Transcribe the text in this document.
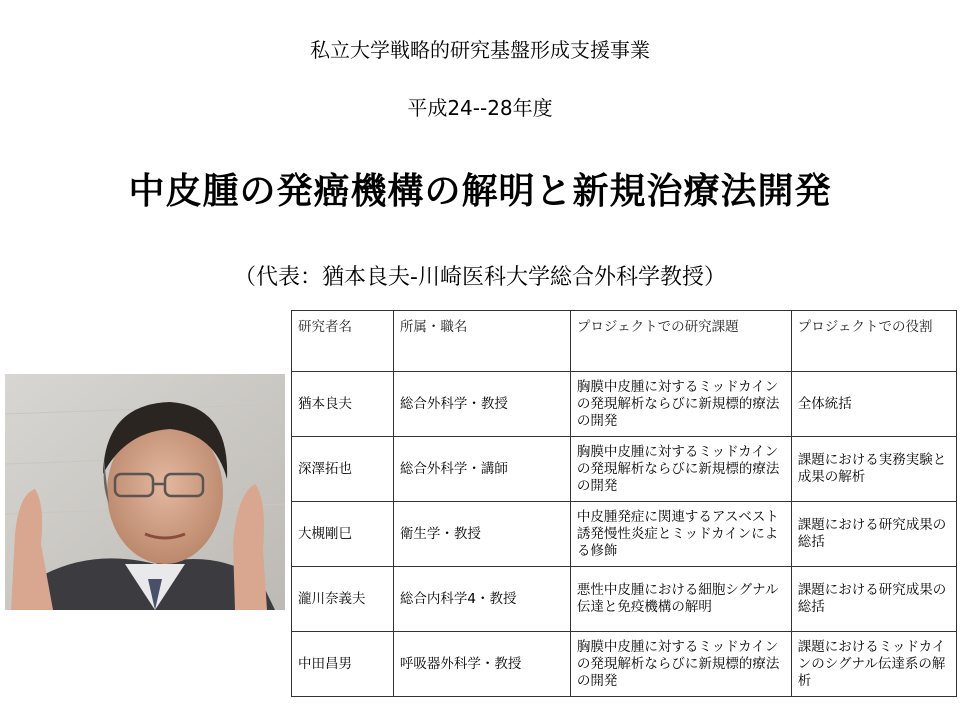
私立大学戦略的研究基盤形成支援事業
平成24--28年度
中皮腫の発癌機構の解明と新規治療法開発
（代表：猶本良夫-川崎医科大学総合外科学教授）
研究者名	所属・職名	プロジェクトでの研究課題	プロジェクトでの役割
猶本良夫	総合外科学・教授	胸膜中皮腫に対するミッドカインの発現解析ならびに新規標的療法の開発	全体統括
深澤拓也	総合外科学・講師	胸膜中皮腫に対するミッドカインの発現解析ならびに新規標的療法の開発	課題における実務実験と成果の解析
大槻剛巳	衛生学・教授	中皮腫発症に関連するアスベスト誘発慢性炎症とミッドカインによる修飾	課題における研究成果の総括
瀧川奈義夫	総合内科学4・教授	悪性中皮腫における細胞シグナル伝達と免疫機構の解明	課題における研究成果の総括
中田昌男	呼吸器外科学・教授	胸膜中皮腫に対するミッドカインの発現解析ならびに新規標的療法の開発	課題におけるミッドカインのシグナル伝達系の解析
